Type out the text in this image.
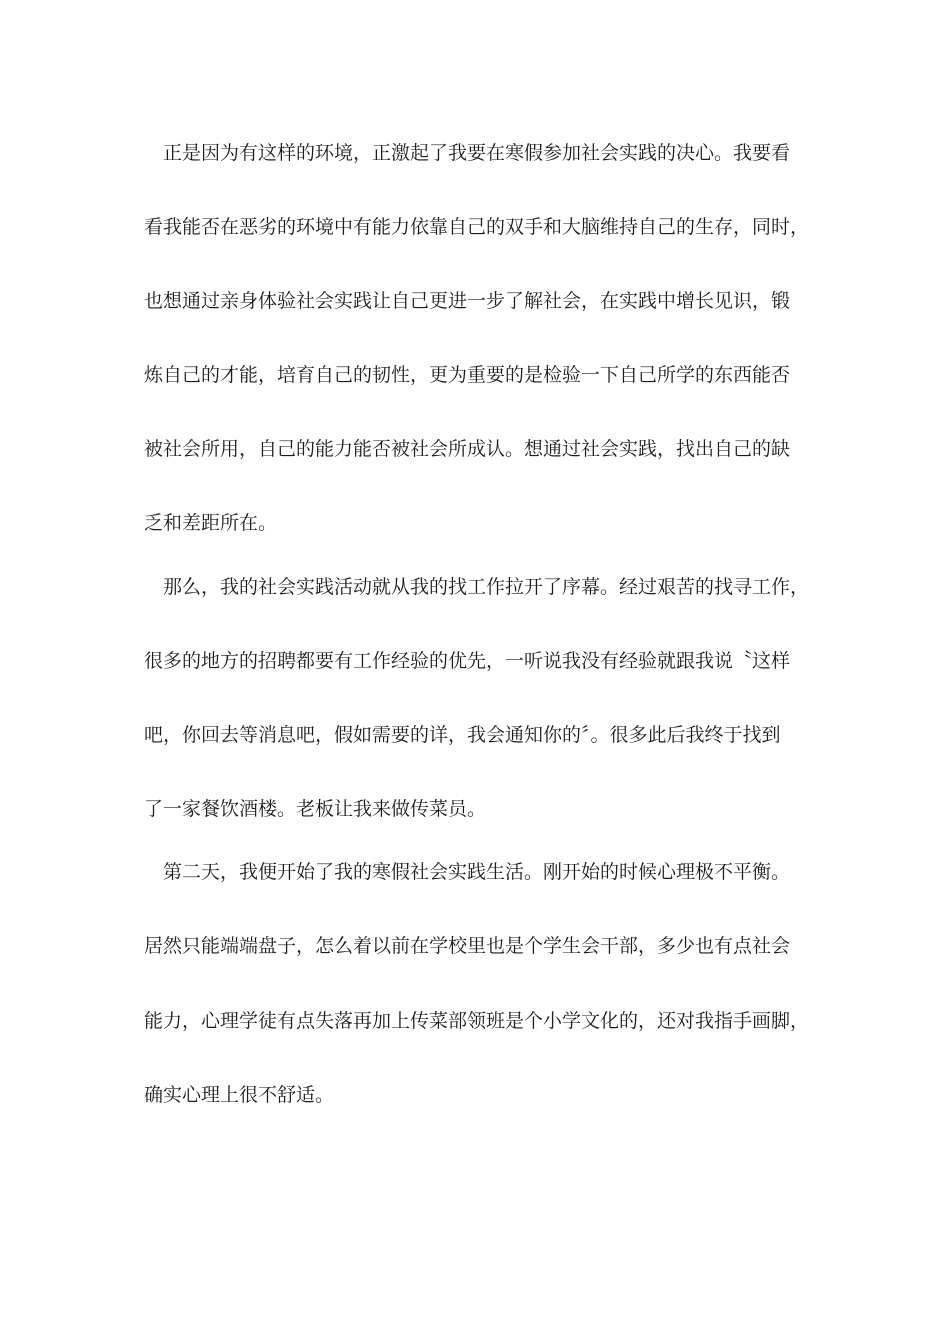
正是因为有这样的环境，正激起了我要在寒假参加社会实践的决心。我要看

看我能否在恶劣的环境中有能力依靠自己的双手和大脑维持自己的生存，同时，

也想通过亲身体验社会实践让自己更进一步了解社会，在实践中增长见识，锻

炼自己的才能，培育自己的韧性，更为重要的是检验一下自己所学的东西能否

被社会所用，自己的能力能否被社会所成认。想通过社会实践，找出自己的缺

乏和差距所在。

那么，我的社会实践活动就从我的找工作拉开了序幕。经过艰苦的找寻工作，

很多的地方的招聘都要有工作经验的优先，一听说我没有经验就跟我说〝这样

吧，你回去等消息吧，假如需要的详，我会通知你的〞。很多此后我终于找到

了一家餐饮酒楼。老板让我来做传菜员。

第二天，我便开始了我的寒假社会实践生活。刚开始的时候心理极不平衡。

居然只能端端盘子，怎么着以前在学校里也是个学生会干部，多少也有点社会

能力，心理学徒有点失落再加上传菜部领班是个小学文化的，还对我指手画脚，

确实心理上很不舒适。
